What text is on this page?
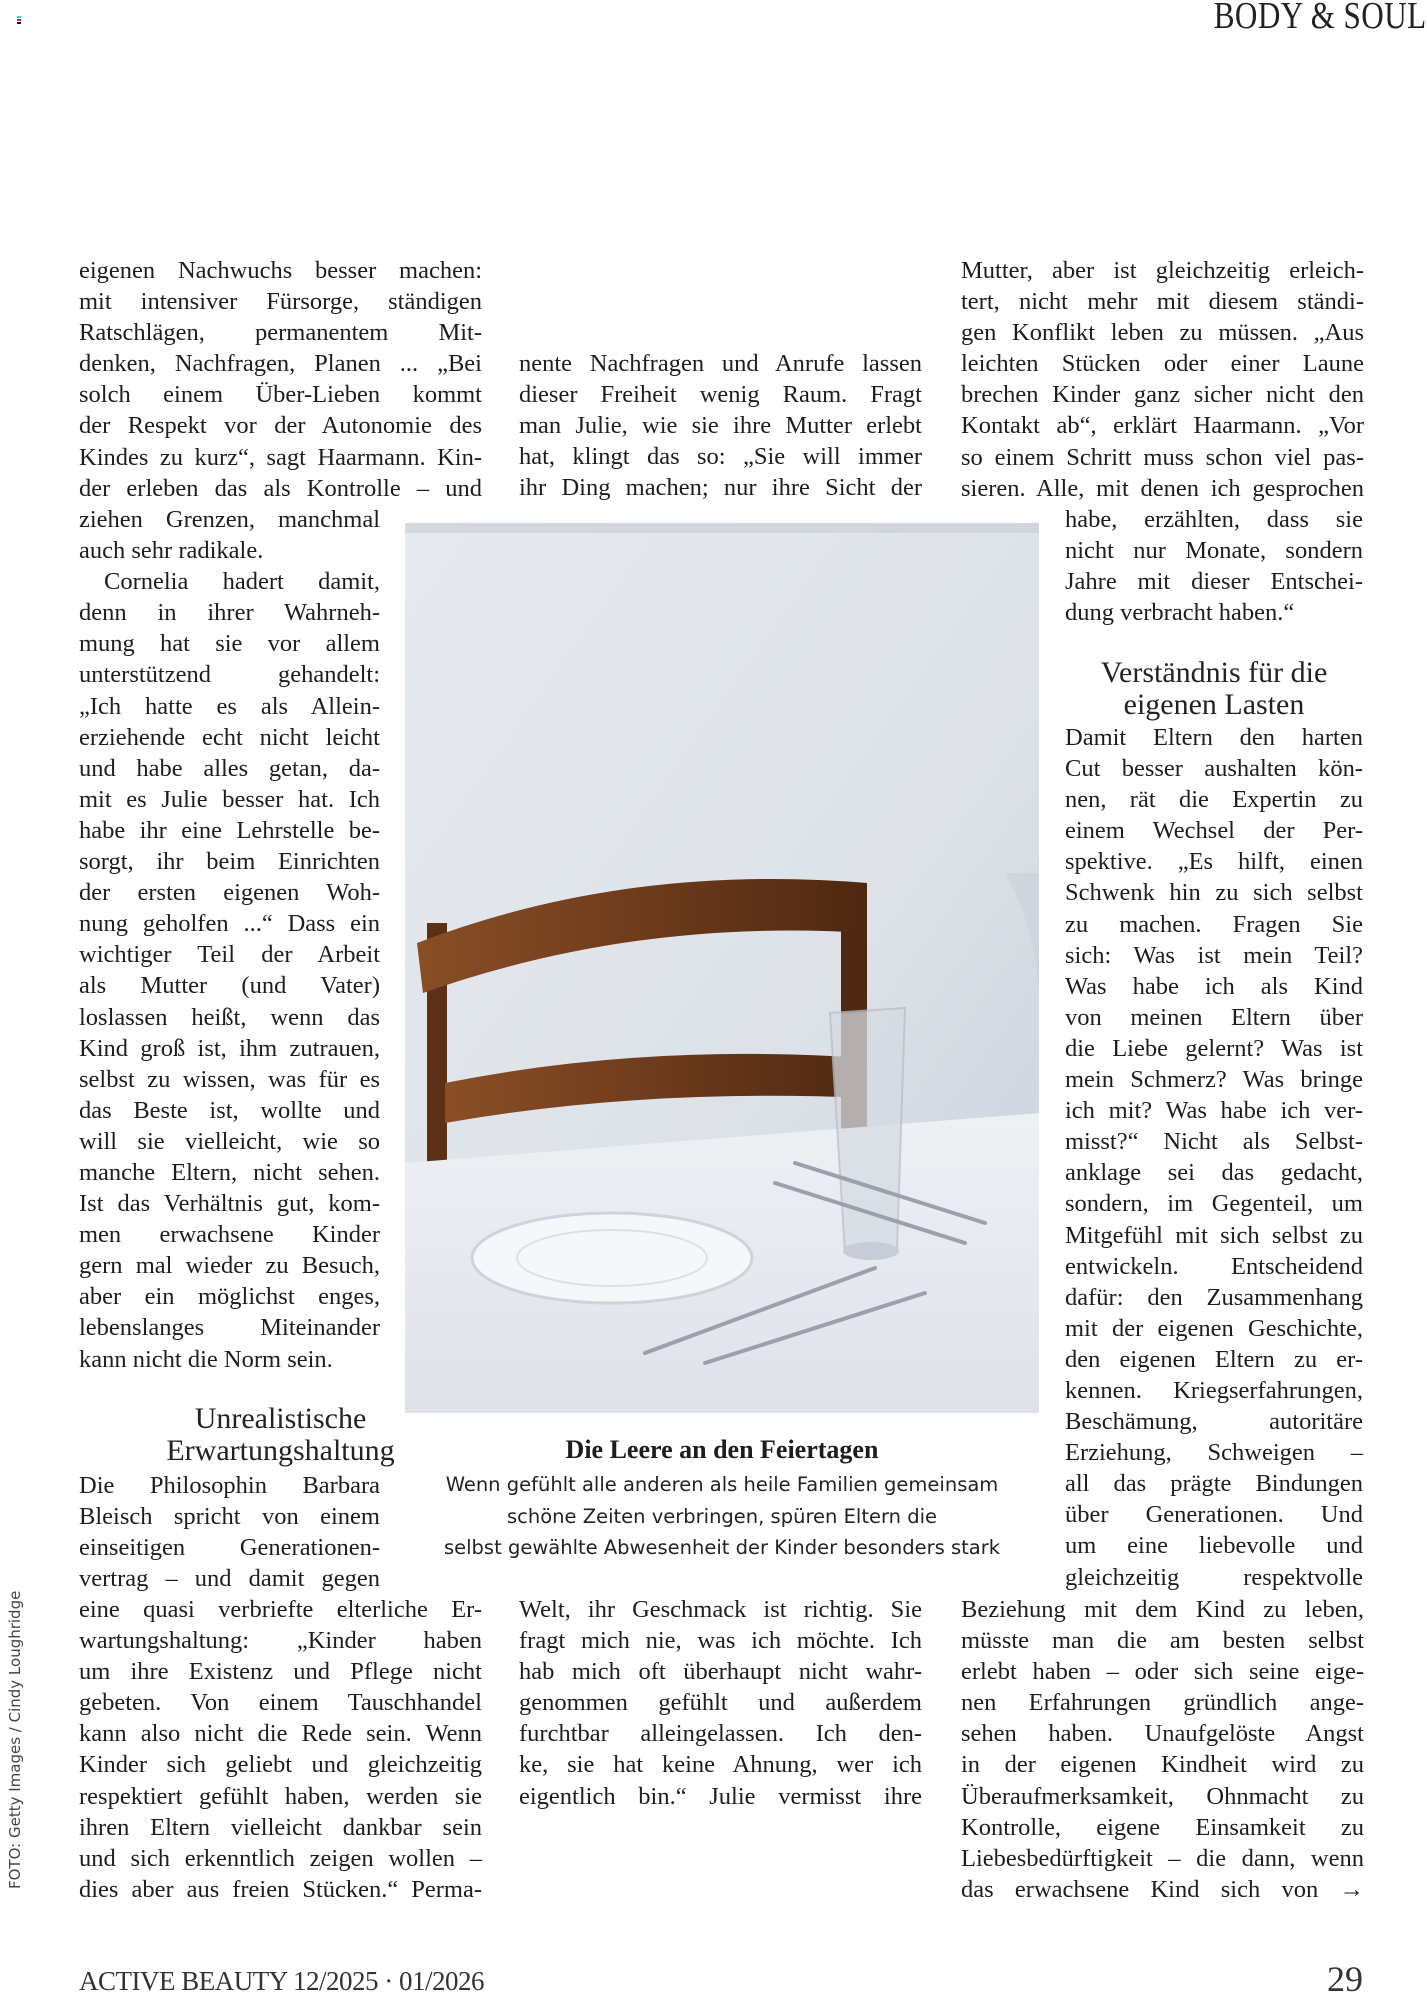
BODY & SOUL
eigenen Nachwuchs besser machen:
mit intensiver Fürsorge, ständigen
Ratschlägen, permanentem Mit-
denken, Nachfragen, Planen ... „Bei
solch einem Über-Lieben kommt
der Respekt vor der Autonomie des
Kindes zu kurz“, sagt Haarmann. Kin-
der erleben das als Kontrolle – und
ziehen Grenzen, manchmal
auch sehr radikale.
Cornelia hadert damit,
denn in ihrer Wahrneh-
mung hat sie vor allem
unterstützend gehandelt:
„Ich hatte es als Allein-
erziehende echt nicht leicht
und habe alles getan, da-
mit es Julie besser hat. Ich
habe ihr eine Lehrstelle be-
sorgt, ihr beim Einrichten
der ersten eigenen Woh-
nung geholfen ...“ Dass ein
wichtiger Teil der Arbeit
als Mutter (und Vater)
loslassen heißt, wenn das
Kind groß ist, ihm zutrauen,
selbst zu wissen, was für es
das Beste ist, wollte und
will sie vielleicht, wie so
manche Eltern, nicht sehen.
Ist das Verhältnis gut, kom-
men erwachsene Kinder
gern mal wieder zu Besuch,
aber ein möglichst enges,
lebenslanges Miteinander
kann nicht die Norm sein.
Unrealistische
Erwartungshaltung
Die Philosophin Barbara
Bleisch spricht von einem
einseitigen Generationen-
vertrag – und damit gegen
eine quasi verbriefte elterliche Er-
wartungshaltung: „Kinder haben
um ihre Existenz und Pflege nicht
gebeten. Von einem Tauschhandel
kann also nicht die Rede sein. Wenn
Kinder sich geliebt und gleichzeitig
respektiert gefühlt haben, werden sie
ihren Eltern vielleicht dankbar sein
und sich erkenntlich zeigen wollen –
dies aber aus freien Stücken.“ Perma-
nente Nachfragen und Anrufe lassen
dieser Freiheit wenig Raum. Fragt
man Julie, wie sie ihre Mutter erlebt
hat, klingt das so: „Sie will immer
ihr Ding machen; nur ihre Sicht der
Welt, ihr Geschmack ist richtig. Sie
fragt mich nie, was ich möchte. Ich
hab mich oft überhaupt nicht wahr-
genommen gefühlt und außerdem
furchtbar alleingelassen. Ich den-
ke, sie hat keine Ahnung, wer ich
eigentlich bin.“ Julie vermisst ihre
Mutter, aber ist gleichzeitig erleich-
tert, nicht mehr mit diesem ständi-
gen Konflikt leben zu müssen. „Aus
leichten Stücken oder einer Laune
brechen Kinder ganz sicher nicht den
Kontakt ab“, erklärt Haarmann. „Vor
so einem Schritt muss schon viel pas-
sieren. Alle, mit denen ich gesprochen
habe, erzählten, dass sie
nicht nur Monate, sondern
Jahre mit dieser Entschei-
dung verbracht haben.“
Verständnis für die
eigenen Lasten
Damit Eltern den harten
Cut besser aushalten kön-
nen, rät die Expertin zu
einem Wechsel der Per-
spektive. „Es hilft, einen
Schwenk hin zu sich selbst
zu machen. Fragen Sie
sich: Was ist mein Teil?
Was habe ich als Kind
von meinen Eltern über
die Liebe gelernt? Was ist
mein Schmerz? Was bringe
ich mit? Was habe ich ver-
misst?“ Nicht als Selbst-
anklage sei das gedacht,
sondern, im Gegenteil, um
Mitgefühl mit sich selbst zu
entwickeln. Entscheidend
dafür: den Zusammenhang
mit der eigenen Geschichte,
den eigenen Eltern zu er-
kennen. Kriegserfahrungen,
Beschämung, autoritäre
Erziehung, Schweigen –
all das prägte Bindungen
über Generationen. Und
um eine liebevolle und
gleichzeitig respektvolle
Beziehung mit dem Kind zu leben,
müsste man die am besten selbst
erlebt haben – oder sich seine eige-
nen Erfahrungen gründlich ange-
sehen haben. Unaufgelöste Angst
in der eigenen Kindheit wird zu
Überaufmerksamkeit, Ohnmacht zu
Kontrolle, eigene Einsamkeit zu
Liebesbedürftigkeit – die dann, wenn
das erwachsene Kind sich von →
Die Leere an den Feiertagen
Wenn gefühlt alle anderen als heile Familien gemeinsam
schöne Zeiten verbringen, spüren Eltern die
selbst gewählte Abwesenheit der Kinder besonders stark
FOTO: Getty Images / Cindy Loughridge
ACTIVE BEAUTY 12/2025 · 01/2026	29
